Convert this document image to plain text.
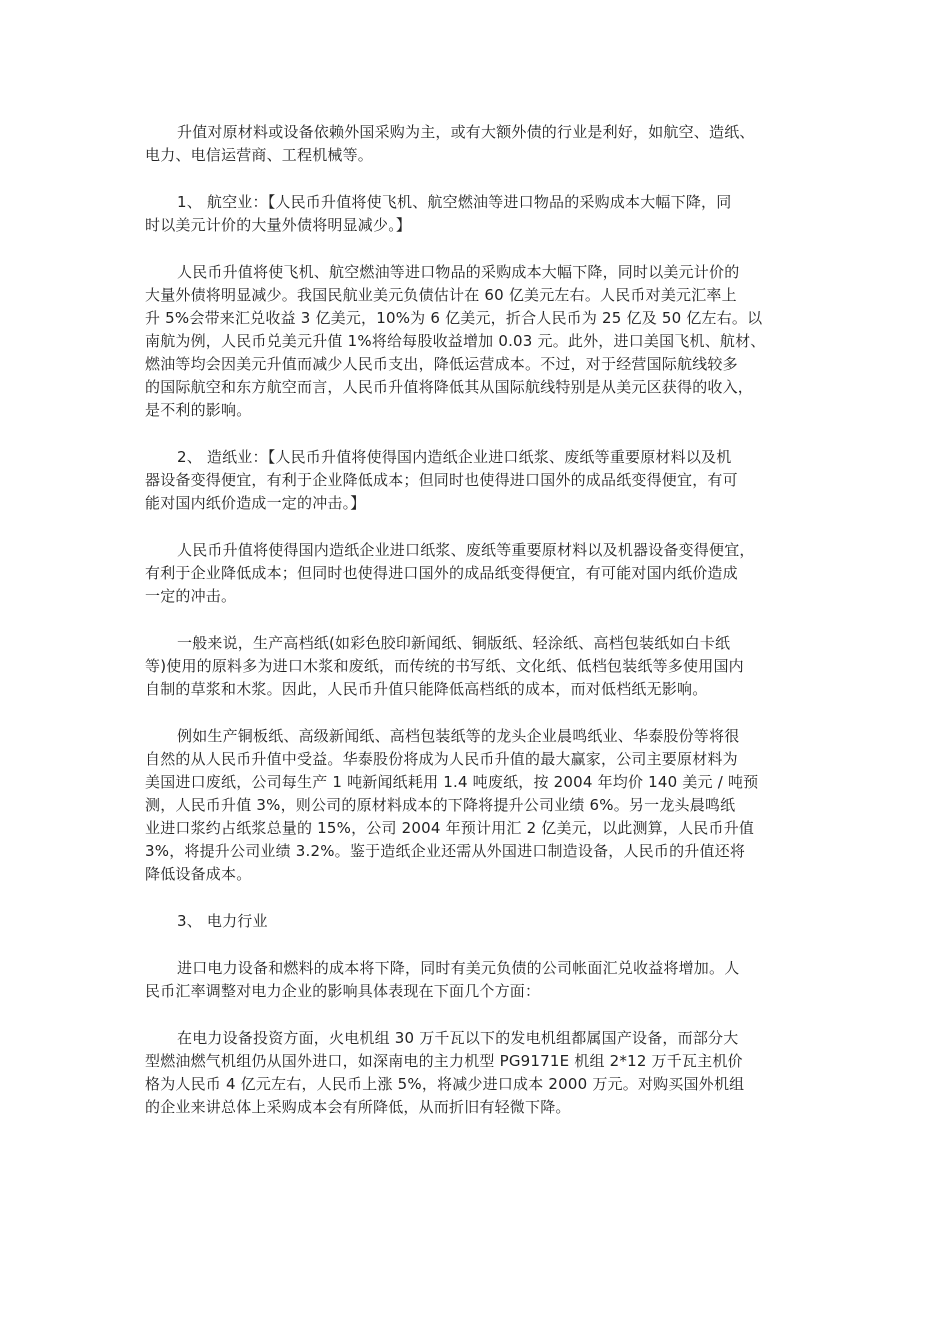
升值对原材料或设备依赖外国采购为主，或有大额外债的行业是利好，如航空、造纸、
电力、电信运营商、工程机械等。

1、 航空业：【人民币升值将使飞机、航空燃油等进口物品的采购成本大幅下降，同
时以美元计价的大量外债将明显减少。】

人民币升值将使飞机、航空燃油等进口物品的采购成本大幅下降，同时以美元计价的
大量外债将明显减少。我国民航业美元负债估计在 60 亿美元左右。人民币对美元汇率上
升 5%会带来汇兑收益 3 亿美元，10%为 6 亿美元，折合人民币为 25 亿及 50 亿左右。以
南航为例，人民币兑美元升值 1%将给每股收益增加 0.03 元。此外，进口美国飞机、航材、
燃油等均会因美元升值而减少人民币支出，降低运营成本。不过，对于经营国际航线较多
的国际航空和东方航空而言，人民币升值将降低其从国际航线特别是从美元区获得的收入，
是不利的影响。

2、 造纸业：【人民币升值将使得国内造纸企业进口纸浆、废纸等重要原材料以及机
器设备变得便宜，有利于企业降低成本；但同时也使得进口国外的成品纸变得便宜，有可
能对国内纸价造成一定的冲击。】

人民币升值将使得国内造纸企业进口纸浆、废纸等重要原材料以及机器设备变得便宜，
有利于企业降低成本；但同时也使得进口国外的成品纸变得便宜，有可能对国内纸价造成
一定的冲击。

一般来说，生产高档纸(如彩色胶印新闻纸、铜版纸、轻涂纸、高档包装纸如白卡纸
等)使用的原料多为进口木浆和废纸，而传统的书写纸、文化纸、低档包装纸等多使用国内
自制的草浆和木浆。因此，人民币升值只能降低高档纸的成本，而对低档纸无影响。

例如生产铜板纸、高级新闻纸、高档包装纸等的龙头企业晨鸣纸业、华泰股份等将很
自然的从人民币升值中受益。华泰股份将成为人民币升值的最大赢家，公司主要原材料为
美国进口废纸，公司每生产 1 吨新闻纸耗用 1.4 吨废纸，按 2004 年均价 140 美元 / 吨预
测，人民币升值 3%，则公司的原材料成本的下降将提升公司业绩 6%。另一龙头晨鸣纸
业进口浆约占纸浆总量的 15%，公司 2004 年预计用汇 2 亿美元，以此测算，人民币升值
3%，将提升公司业绩 3.2%。鉴于造纸企业还需从外国进口制造设备，人民币的升值还将
降低设备成本。

3、 电力行业

进口电力设备和燃料的成本将下降，同时有美元负债的公司帐面汇兑收益将增加。人
民币汇率调整对电力企业的影响具体表现在下面几个方面：

在电力设备投资方面，火电机组 30 万千瓦以下的发电机组都属国产设备，而部分大
型燃油燃气机组仍从国外进口，如深南电的主力机型 PG9171E 机组 2*12 万千瓦主机价
格为人民币 4 亿元左右，人民币上涨 5%，将减少进口成本 2000 万元。对购买国外机组
的企业来讲总体上采购成本会有所降低，从而折旧有轻微下降。
